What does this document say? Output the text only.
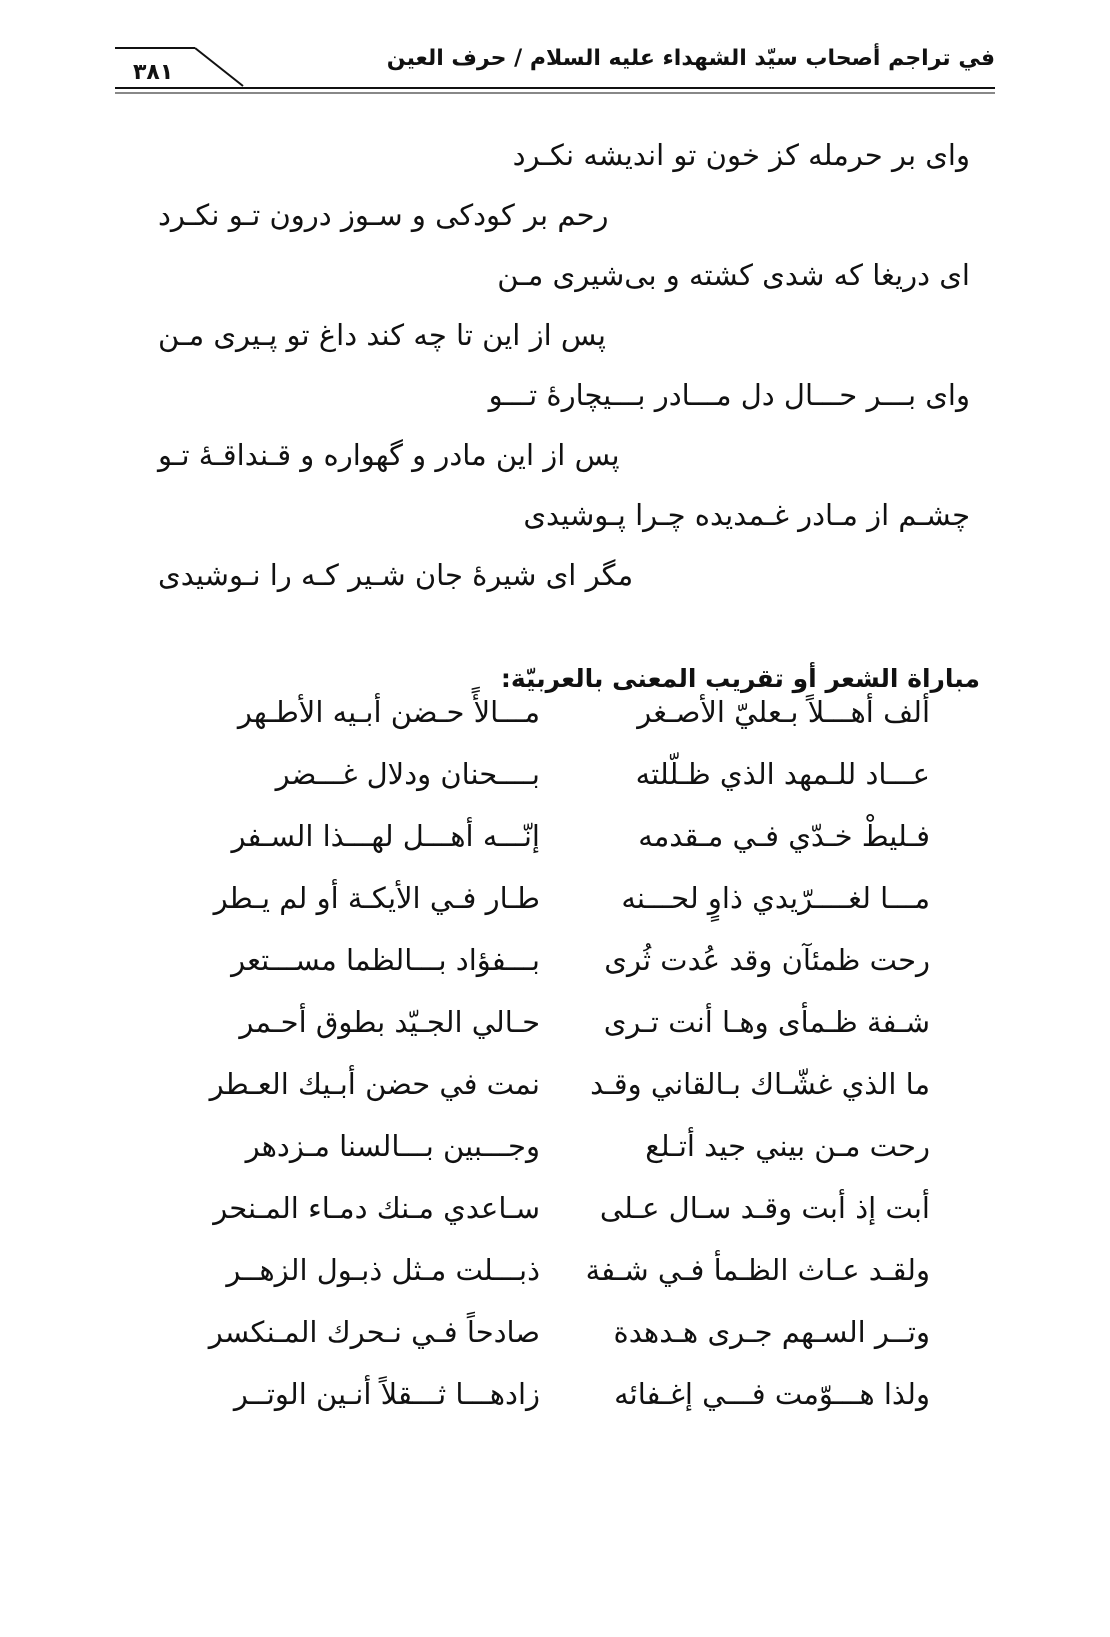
في تراجم أصحاب سيّد الشهداء عليه السلام / حرف العين
٣٨١
وای بر حرمله کز خون تو اندیشه نکـرد
رحم بر کودکی و سـوز درون تـو نکـرد
ای دریغا که شدی کشته و بی‌شیری مـن
پس از این تا چه کند داغ تو پـیری مـن
وای بـــر حـــال دل مـــادر بـــیچارهٔ تـــو
پس از این مادر و گهواره و قـنداقـهٔ تـو
چشـم از مـادر غـمدیده چـرا پـوشیدی
مگر ای شیرهٔ جان شـیر کـه را نـوشیدی
مباراة الشعر أو تقريب المعنى بالعربيّة:
ألف أهـــلاً بـعليّ الأصـغر
مـــالأً حـضن أبـيه الأطـهر
عـــاد للـمهد الذي ظـلّلته
بــــحنان ودلال غـــضر
فـليطْ خـدّي فـي مـقدمه
إنّـــه أهـــل لهـــذا السـفر
مـــا لغــــرّيدي ذاوٍ لحـــنه
طـار فـي الأيكـة أو لم يـطر
رحت ظمئآن وقد عُدت ثُرى
بـــفؤاد بـــالظما مســـتعر
شـفة ظـمأى وهـا أنت تـرى
حـالي الجـيّد بطوق أحـمر
ما الذي غشّـاك بـالقاني وقـد
نمت في حضن أبـيك العـطر
رحت مـن بيني جيد أتـلع
وجـــبين بـــالسنا مـزدهر
أبت إذ أبت وقـد سـال عـلى
سـاعدي مـنك دمـاء المـنحر
ولقـد عـاث الظـمأ فـي شـفة
ذبـــلت مـثل ذبـول الزهــر
وتــر السـهم جـرى هـدهدة
صادحاً فـي نـحرك المـنكسر
ولذا هـــوّمت فـــي إغـفائه
زادهـــا ثـــقلاً أنـين الوتــر
